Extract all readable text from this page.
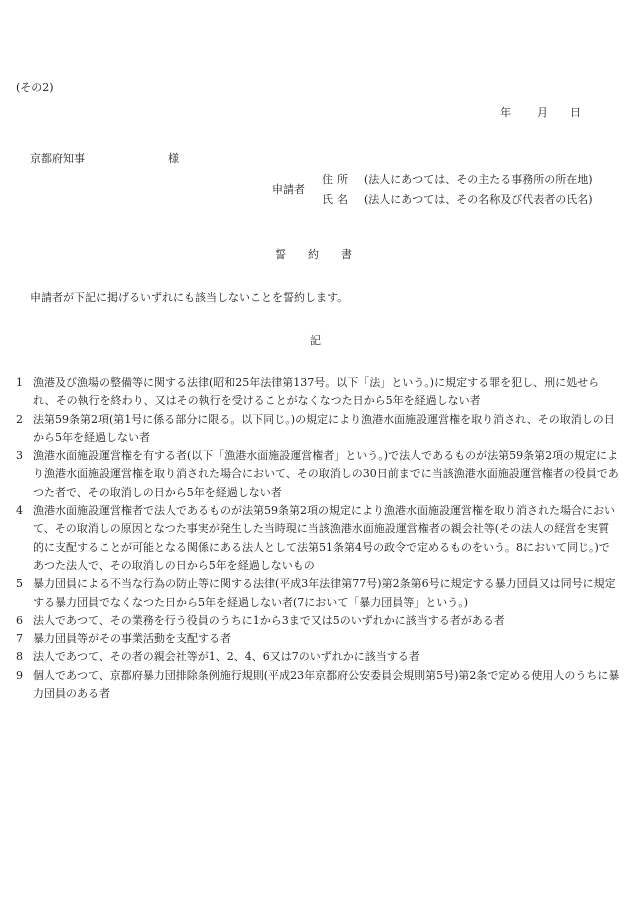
(その2)
年 月 日
京都府知事	様
申請者
住所 (法人にあつては、その主たる事務所の所在地)
氏名 (法人にあつては、その名称及び代表者の氏名)
誓約書
申請者が下記に掲げるいずれにも該当しないことを誓約します。
記
1 漁港及び漁場の整備等に関する法律(昭和25年法律第137号。以下「法」という。)に規定する罪を犯し、刑に処せられ、その執行を終わり、又はその執行を受けることがなくなつた日から5年を経過しない者
2 法第59条第2項(第1号に係る部分に限る。以下同じ。)の規定により漁港水面施設運営権を取り消され、その取消しの日から5年を経過しない者
3 漁港水面施設運営権を有する者(以下「漁港水面施設運営権者」という。)で法人であるものが法第59条第2項の規定により漁港水面施設運営権を取り消された場合において、その取消しの30日前までに当該漁港水面施設運営権者の役員であつた者で、その取消しの日から5年を経過しない者
4 漁港水面施設運営権者で法人であるものが法第59条第2項の規定により漁港水面施設運営権を取り消された場合において、その取消しの原因となつた事実が発生した当時現に当該漁港水面施設運営権者の親会社等(その法人の経営を実質的に支配することが可能となる関係にある法人として法第51条第4号の政令で定めるものをいう。8において同じ。)であつた法人で、その取消しの日から5年を経過しないもの
5 暴力団員による不当な行為の防止等に関する法律(平成3年法律第77号)第2条第6号に規定する暴力団員又は同号に規定する暴力団員でなくなつた日から5年を経過しない者(7において「暴力団員等」という。)
6 法人であつて、その業務を行う役員のうちに1から3まで又は5のいずれかに該当する者がある者
7 暴力団員等がその事業活動を支配する者
8 法人であつて、その者の親会社等が1、2、4、6又は7のいずれかに該当する者
9 個人であつて、京都府暴力団排除条例施行規則(平成23年京都府公安委員会規則第5号)第2条で定める使用人のうちに暴力団員のある者
